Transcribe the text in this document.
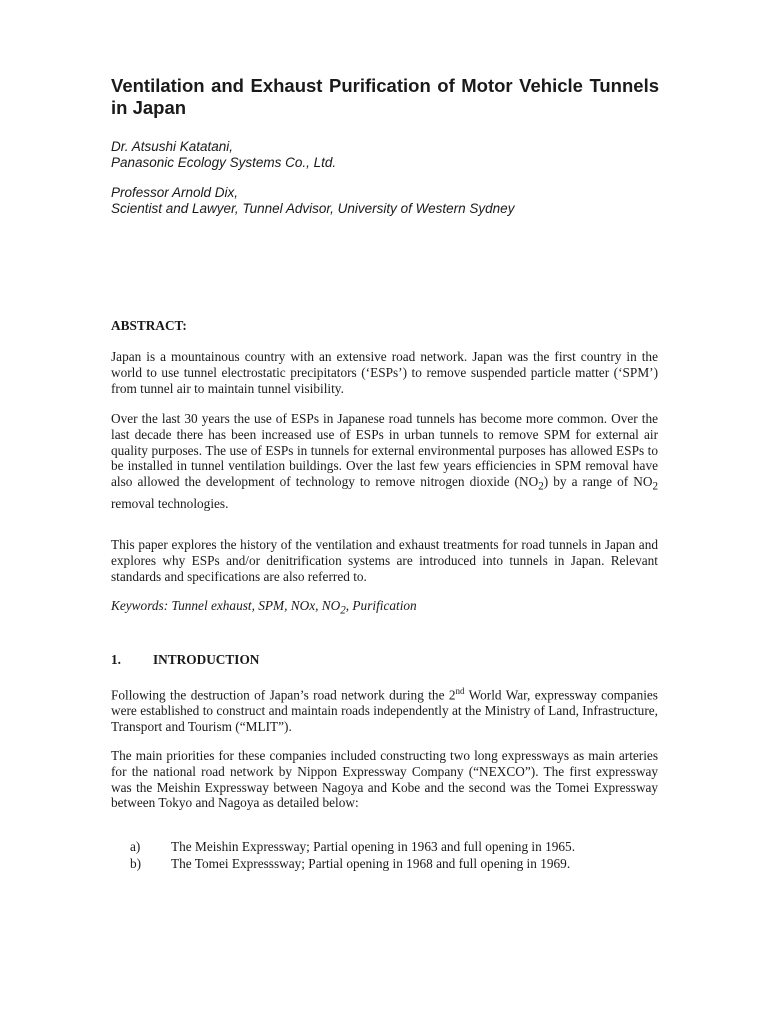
Ventilation and Exhaust Purification of Motor Vehicle Tunnels in Japan
Dr. Atsushi Katatani,
Panasonic Ecology Systems Co., Ltd.
Professor Arnold Dix,
Scientist and Lawyer, Tunnel Advisor, University of Western Sydney
ABSTRACT:

Japan is a mountainous country with an extensive road network. Japan was the first country in the world to use tunnel electrostatic precipitators (‘ESPs’) to remove suspended particle matter (‘SPM’) from tunnel air to maintain tunnel visibility.

Over the last 30 years the use of ESPs in Japanese road tunnels has become more common. Over the last decade there has been increased use of ESPs in urban tunnels to remove SPM for external air quality purposes. The use of ESPs in tunnels for external environmental purposes has allowed ESPs to be installed in tunnel ventilation buildings. Over the last few years efficiencies in SPM removal have also allowed the development of technology to remove nitrogen dioxide $(NO_2)$ by a range of $NO_2$ removal technologies.

This paper explores the history of the ventilation and exhaust treatments for road tunnels in Japan and explores why ESPs and/or denitrification systems are introduced into tunnels in Japan. Relevant standards and specifications are also referred to.

Keywords: Tunnel exhaust, SPM, NOx, $NO_2$, Purification

1. INTRODUCTION

Following the destruction of Japan’s road network during the 2nd World War, expressway companies were established to construct and maintain roads independently at the Ministry of Land, Infrastructure, Transport and Tourism (“MLIT”).

The main priorities for these companies included constructing two long expressways as main arteries for the national road network by Nippon Expressway Company (“NEXCO”). The first expressway was the Meishin Expressway between Nagoya and Kobe and the second was the Tomei Expressway between Tokyo and Nagoya as detailed below:

a)	The Meishin Expressway; Partial opening in 1963 and full opening in 1965.
b)	The Tomei Expresssway; Partial opening in 1968 and full opening in 1969.
